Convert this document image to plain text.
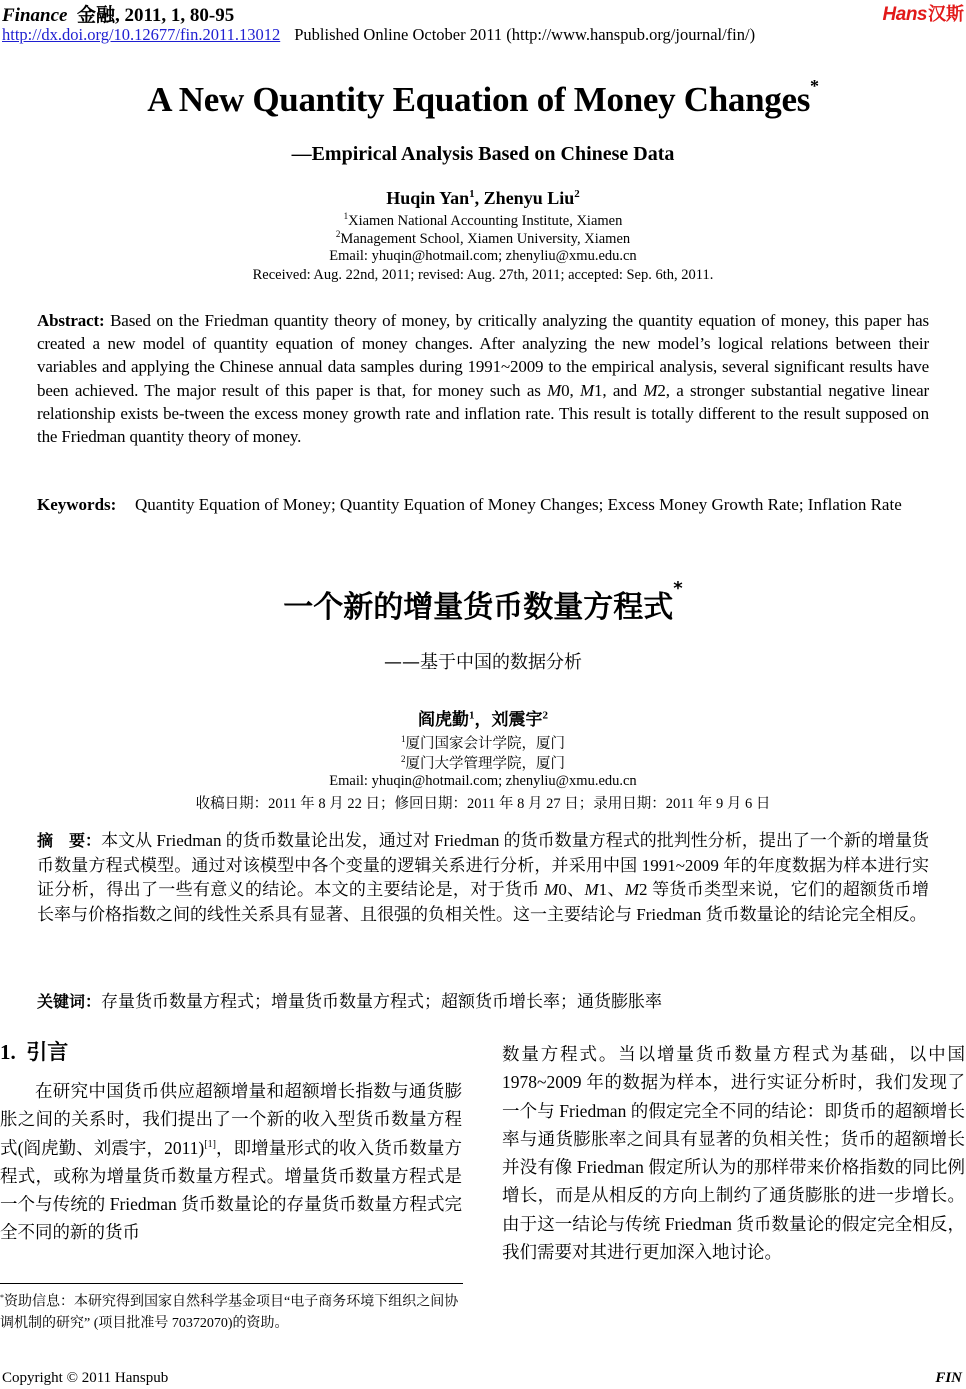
Finance 金融, 2011, 1, 80-95
http://dx.doi.org/10.12677/fin.2011.13012 Published Online October 2011 (http://www.hanspub.org/journal/fin/)
Hans汉斯
A New Quantity Equation of Money Changes*
—Empirical Analysis Based on Chinese Data
Huqin Yan$^1$, Zhenyu Liu$^2$
$^1$Xiamen National Accounting Institute, Xiamen
$^2$Management School, Xiamen University, Xiamen
Email: yhuqin@hotmail.com; zhenyliu@xmu.edu.cn
Received: Aug. 22nd, 2011; revised: Aug. 27th, 2011; accepted: Sep. 6th, 2011.
Abstract: Based on the Friedman quantity theory of money, by critically analyzing the quantity equation of money, this paper has created a new model of quantity equation of money changes. After analyzing the new model’s logical relations between their variables and applying the Chinese annual data samples during 1991~2009 to the empirical analysis, several significant results have been achieved. The major result of this paper is that, for money such as M0, M1, and M2, a stronger substantial negative linear relationship exists be-tween the excess money growth rate and inflation rate. This result is totally different to the result supposed on the Friedman quantity theory of money.
Keywords:	Quantity Equation of Money; Quantity Equation of Money Changes; Excess Money Growth Rate; Inflation Rate
一个新的增量货币数量方程式*
——基于中国的数据分析
阎虎勤$^1$，刘震宇$^2$
$^1$厦门国家会计学院，厦门
$^2$厦门大学管理学院，厦门
Email: yhuqin@hotmail.com; zhenyliu@xmu.edu.cn
收稿日期：2011 年 8 月 22 日；修回日期：2011 年 8 月 27 日；录用日期：2011 年 9 月 6 日
摘　要：本文从 Friedman 的货币数量论出发，通过对 Friedman 的货币数量方程式的批判性分析，提出了一个新的增量货币数量方程式模型。通过对该模型中各个变量的逻辑关系进行分析，并采用中国 1991~2009 年的年度数据为样本进行实证分析，得出了一些有意义的结论。本文的主要结论是，对于货币 M0、M1、M2 等货币类型来说，它们的超额货币增长率与价格指数之间的线性关系具有显著、且很强的负相关性。这一主要结论与 Friedman 货币数量论的结论完全相反。
关键词：存量货币数量方程式；增量货币数量方程式；超额货币增长率；通货膨胀率
1. 引言

在研究中国货币供应超额增量和超额增长指数与通货膨胀之间的关系时，我们提出了一个新的收入型货币数量方程式(阎虎勤、刘震宇，2011)[1]，即增量形式的收入货币数量方程式，或称为增量货币数量方程式。增量货币数量方程式是一个与传统的 Friedman 货币数量论的存量货币数量方程式完全不同的新的货币

数量方程式。当以增量货币数量方程式为基础，以中国 1978~2009 年的数据为样本，进行实证分析时，我们发现了一个与 Friedman 的假定完全不同的结论：即货币的超额增长率与通货膨胀率之间具有显著的负相关性；货币的超额增长并没有像 Friedman 假定所认为的那样带来价格指数的同比例增长，而是从相反的方向上制约了通货膨胀的进一步增长。由于这一结论与传统 Friedman 货币数量论的假定完全相反，我们需要对其进行更加深入地讨论。

*资助信息：本研究得到国家自然科学基金项目“电子商务环境下组织之间协调机制的研究” (项目批准号 70372070)的资助。
Copyright © 2011 Hanspub	FIN
